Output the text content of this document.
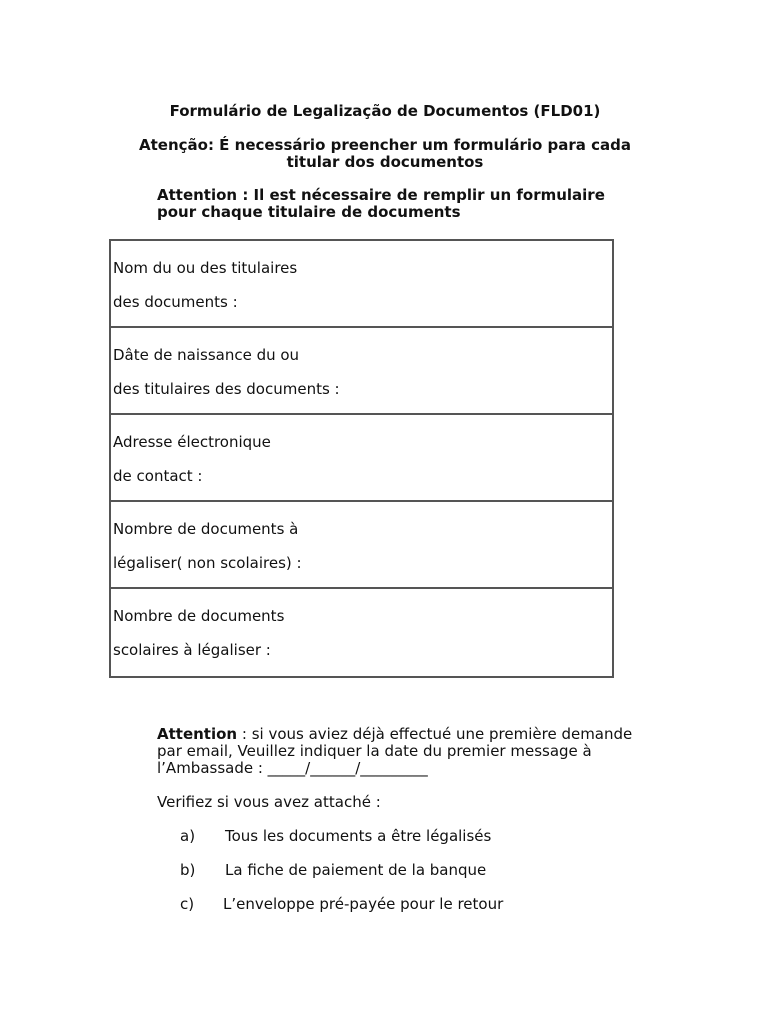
Formulário de Legalização de Documentos (FLD01)
Atenção: É necessário preencher um formulário para cada
titular dos documentos
Attention : Il est nécessaire de remplir un formulaire
pour chaque titulaire de documents
Nom du ou des titulaires
des documents :
Dâte de naissance du ou
des titulaires des documents :
Adresse électronique
de contact :
Nombre de documents à
légaliser( non scolaires) :
Nombre de documents
scolaires à légaliser :
Attention : si vous aviez déjà effectué une première demande
par email, Veuillez indiquer la date du premier message à
l’Ambassade : _____/______/_________
Verifiez si vous avez attaché :
a) Tous les documents a être légalisés
b) La fiche de paiement de la banque
c) L’enveloppe pré-payée pour le retour
